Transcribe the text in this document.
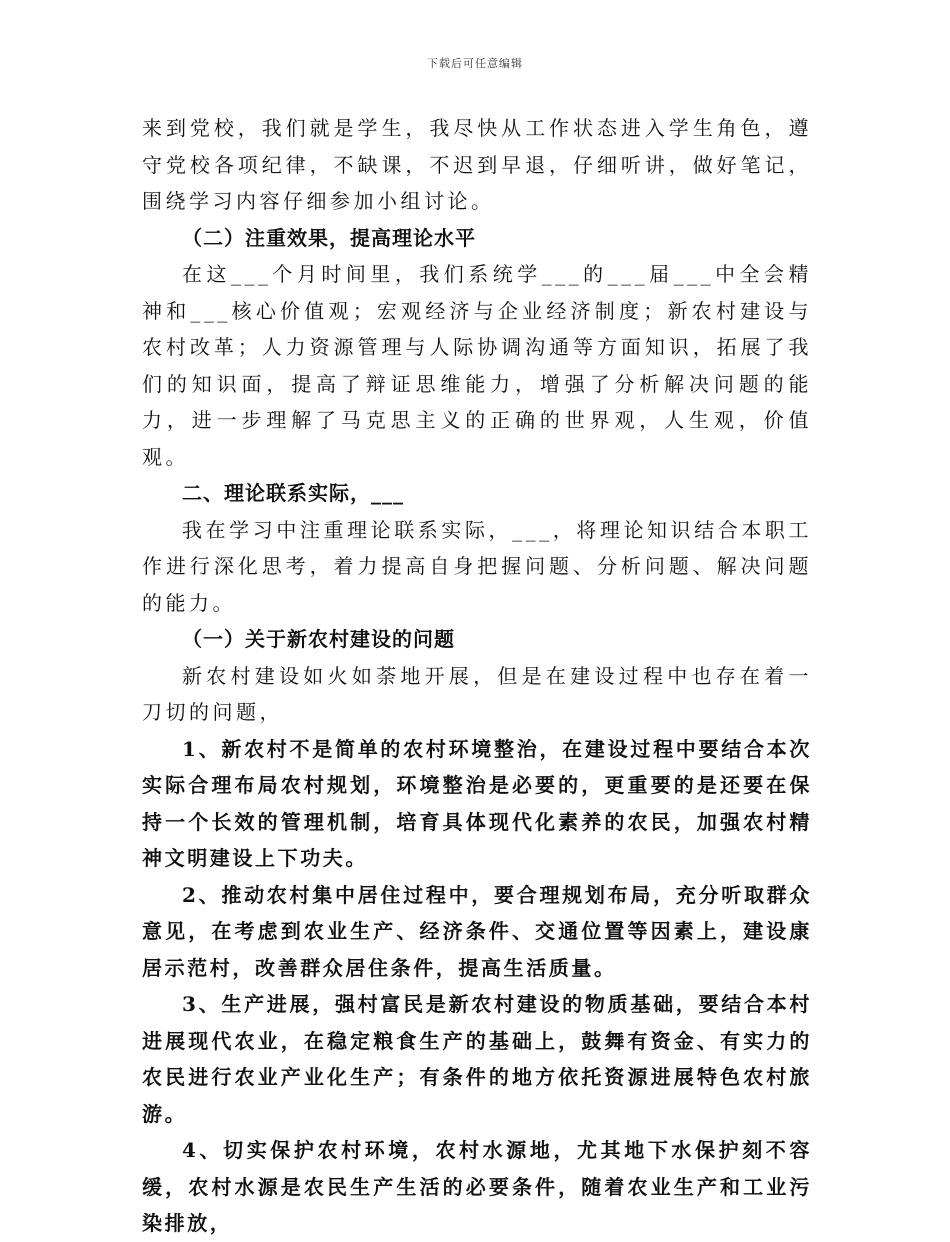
下载后可任意编辑

来到党校，我们就是学生，我尽快从工作状态进入学生角色，遵守党校各项纪律，不缺课，不迟到早退，仔细听讲，做好笔记，围绕学习内容仔细参加小组讨论。

（二）注重效果，提高理论水平

在这___个月时间里，我们系统学___的___届___中全会精神和___核心价值观；宏观经济与企业经济制度；新农村建设与农村改革；人力资源管理与人际协调沟通等方面知识，拓展了我们的知识面，提高了辩证思维能力，增强了分析解决问题的能力，进一步理解了马克思主义的正确的世界观，人生观，价值观。

二、理论联系实际，___

我在学习中注重理论联系实际，___，将理论知识结合本职工作进行深化思考，着力提高自身把握问题、分析问题、解决问题的能力。

（一）关于新农村建设的问题

新农村建设如火如荼地开展，但是在建设过程中也存在着一刀切的问题，

1、新农村不是简单的农村环境整治，在建设过程中要结合本次实际合理布局农村规划，环境整治是必要的，更重要的是还要在保持一个长效的管理机制，培育具体现代化素养的农民，加强农村精神文明建设上下功夫。

2、推动农村集中居住过程中，要合理规划布局，充分听取群众意见，在考虑到农业生产、经济条件、交通位置等因素上，建设康居示范村，改善群众居住条件，提高生活质量。

3、生产进展，强村富民是新农村建设的物质基础，要结合本村进展现代农业，在稳定粮食生产的基础上，鼓舞有资金、有实力的农民进行农业产业化生产；有条件的地方依托资源进展特色农村旅游。

4、切实保护农村环境，农村水源地，尤其地下水保护刻不容缓，农村水源是农民生产生活的必要条件，随着农业生产和工业污染排放，
